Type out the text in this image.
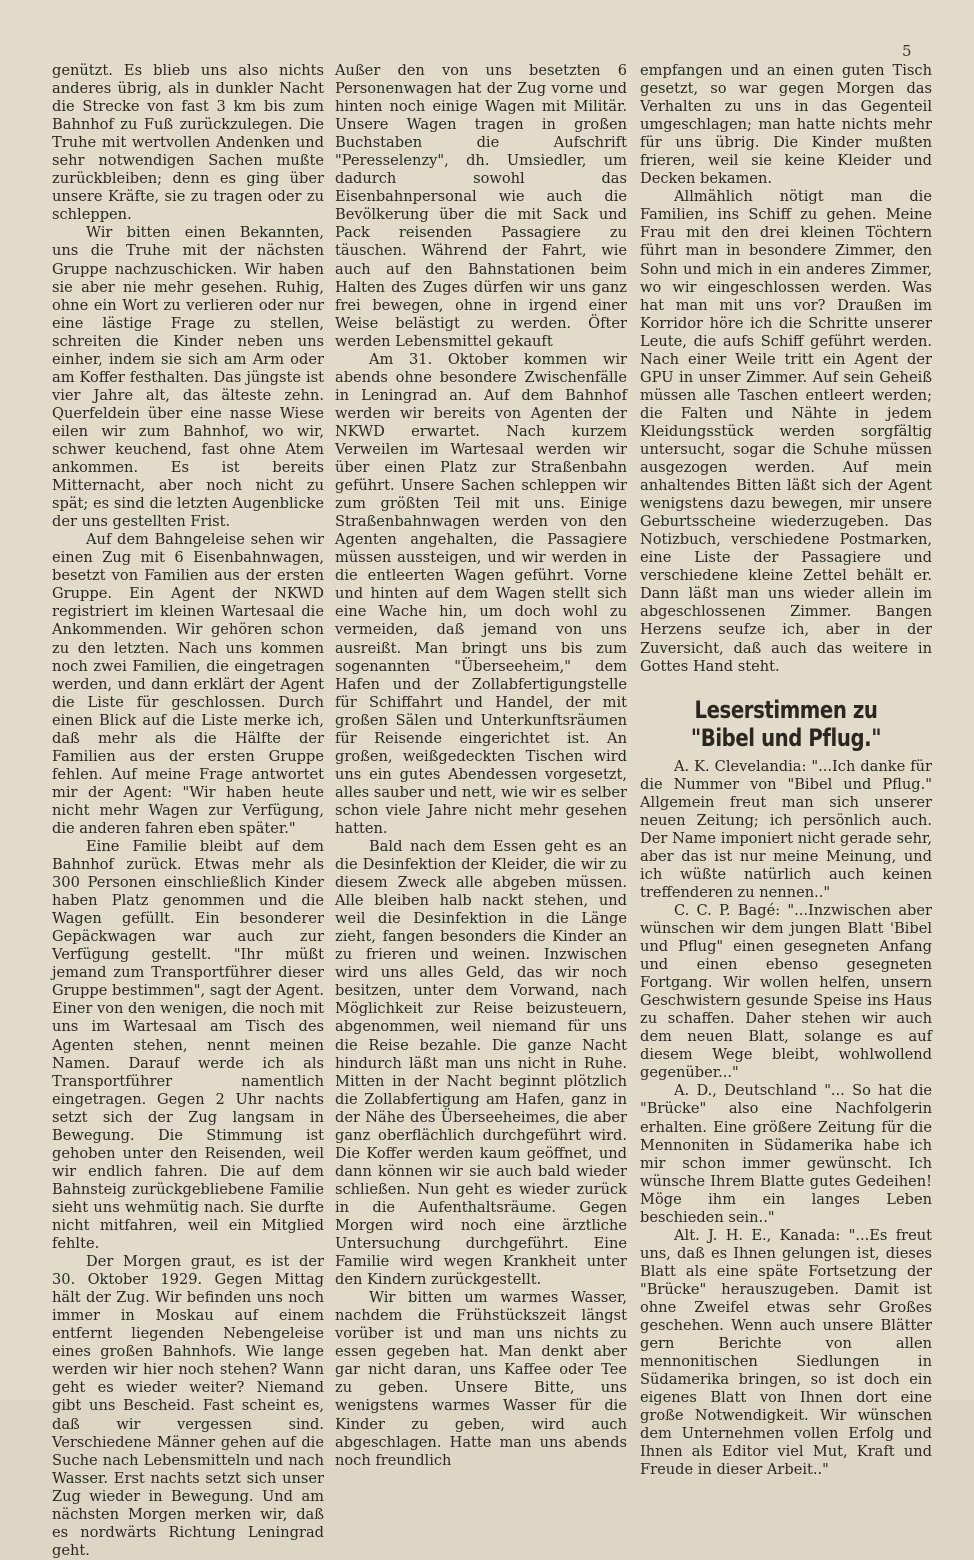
5

genützt. Es blieb uns also nichts anderes übrig, als in dunkler Nacht die Strecke von fast 3 km bis zum Bahnhof zu Fuß zurückzulegen. Die Truhe mit wertvollen Andenken und sehr notwendigen Sachen mußte zurückbleiben; denn es ging über unsere Kräfte, sie zu tragen oder zu schleppen.

Wir bitten einen Bekannten, uns die Truhe mit der nächsten Gruppe nachzuschicken. Wir haben sie aber nie mehr gesehen. Ruhig, ohne ein Wort zu verlieren oder nur eine lästige Frage zu stellen, schreiten die Kinder neben uns einher, indem sie sich am Arm oder am Koffer festhalten. Das jüngste ist vier Jahre alt, das älteste zehn. Querfeldein über eine nasse Wiese eilen wir zum Bahnhof, wo wir, schwer keuchend, fast ohne Atem ankommen. Es ist bereits Mitternacht, aber noch nicht zu spät; es sind die letzten Augenblicke der uns gestellten Frist.

Auf dem Bahngeleise sehen wir einen Zug mit 6 Eisenbahnwagen, besetzt von Familien aus der ersten Gruppe. Ein Agent der NKWD registriert im kleinen Wartesaal die Ankommenden. Wir gehören schon zu den letzten. Nach uns kommen noch zwei Familien, die eingetragen werden, und dann erklärt der Agent die Liste für geschlossen. Durch einen Blick auf die Liste merke ich, daß mehr als die Hälfte der Familien aus der ersten Gruppe fehlen. Auf meine Frage antwortet mir der Agent: "Wir haben heute nicht mehr Wagen zur Verfügung, die anderen fahren eben später."

Eine Familie bleibt auf dem Bahnhof zurück. Etwas mehr als 300 Personen einschließlich Kinder haben Platz genommen und die Wagen gefüllt. Ein besonderer Gepäckwagen war auch zur Verfügung gestellt. "Ihr müßt jemand zum Transportführer dieser Gruppe bestimmen", sagt der Agent. Einer von den wenigen, die noch mit uns im Wartesaal am Tisch des Agenten stehen, nennt meinen Namen. Darauf werde ich als Transportführer namentlich eingetragen. Gegen 2 Uhr nachts setzt sich der Zug langsam in Bewegung. Die Stimmung ist gehoben unter den Reisenden, weil wir endlich fahren. Die auf dem Bahnsteig zurückgebliebene Familie sieht uns wehmütig nach. Sie durfte nicht mitfahren, weil ein Mitglied fehlte.

Der Morgen graut, es ist der 30. Oktober 1929. Gegen Mittag hält der Zug. Wir befinden uns noch immer in Moskau auf einem entfernt liegenden Nebengeleise eines großen Bahnhofs. Wie lange werden wir hier noch stehen? Wann geht es wieder weiter? Niemand gibt uns Bescheid. Fast scheint es, daß wir vergessen sind. Verschiedene Männer gehen auf die Suche nach Lebensmitteln und nach Wasser. Erst nachts setzt sich unser Zug wieder in Bewegung. Und am nächsten Morgen merken wir, daß es nordwärts Richtung Leningrad geht.

Außer den von uns besetzten 6 Personenwagen hat der Zug vorne und hinten noch einige Wagen mit Militär. Unsere Wagen tragen in großen Buchstaben die Aufschrift "Peresselenzy", dh. Umsiedler, um dadurch sowohl das Eisenbahnpersonal wie auch die Bevölkerung über die mit Sack und Pack reisenden Passagiere zu täuschen. Während der Fahrt, wie auch auf den Bahnstationen beim Halten des Zuges dürfen wir uns ganz frei bewegen, ohne in irgend einer Weise belästigt zu werden. Öfter werden Lebensmittel gekauft

Am 31. Oktober kommen wir abends ohne besondere Zwischenfälle in Leningrad an. Auf dem Bahnhof werden wir bereits von Agenten der NKWD erwartet. Nach kurzem Verweilen im Wartesaal werden wir über einen Platz zur Straßenbahn geführt. Unsere Sachen schleppen wir zum größten Teil mit uns. Einige Straßenbahnwagen werden von den Agenten angehalten, die Passagiere müssen aussteigen, und wir werden in die entleerten Wagen geführt. Vorne und hinten auf dem Wagen stellt sich eine Wache hin, um doch wohl zu vermeiden, daß jemand von uns ausreißt. Man bringt uns bis zum sogenannten "Überseeheim," dem Hafen und der Zollabfertigungstelle für Schiffahrt und Handel, der mit großen Sälen und Unterkunftsräumen für Reisende eingerichtet ist. An großen, weißgedeckten Tischen wird uns ein gutes Abendessen vorgesetzt, alles sauber und nett, wie wir es selber schon viele Jahre nicht mehr gesehen hatten.

Bald nach dem Essen geht es an die Desinfektion der Kleider, die wir zu diesem Zweck alle abgeben müssen. Alle bleiben halb nackt stehen, und weil die Desinfektion in die Länge zieht, fangen besonders die Kinder an zu frieren und weinen. Inzwischen wird uns alles Geld, das wir noch besitzen, unter dem Vorwand, nach Möglichkeit zur Reise beizusteuern, abgenommen, weil niemand für uns die Reise bezahle. Die ganze Nacht hindurch läßt man uns nicht in Ruhe. Mitten in der Nacht beginnt plötzlich die Zollabfertigung am Hafen, ganz in der Nähe des Überseeheimes, die aber ganz oberflächlich durchgeführt wird. Die Koffer werden kaum geöffnet, und dann können wir sie auch bald wieder schließen. Nun geht es wieder zurück in die Aufenthaltsräume. Gegen Morgen wird noch eine ärztliche Untersuchung durchgeführt. Eine Familie wird wegen Krankheit unter den Kindern zurückgestellt.

Wir bitten um warmes Wasser, nachdem die Frühstückszeit längst vorüber ist und man uns nichts zu essen gegeben hat. Man denkt aber gar nicht daran, uns Kaffee oder Tee zu geben. Unsere Bitte, uns wenigstens warmes Wasser für die Kinder zu geben, wird auch abgeschlagen. Hatte man uns abends noch freundlich

empfangen und an einen guten Tisch gesetzt, so war gegen Morgen das Verhalten zu uns in das Gegenteil umgeschlagen; man hatte nichts mehr für uns übrig. Die Kinder mußten frieren, weil sie keine Kleider und Decken bekamen.

Allmählich nötigt man die Familien, ins Schiff zu gehen. Meine Frau mit den drei kleinen Töchtern führt man in besondere Zimmer, den Sohn und mich in ein anderes Zimmer, wo wir eingeschlossen werden. Was hat man mit uns vor? Draußen im Korridor höre ich die Schritte unserer Leute, die aufs Schiff geführt werden. Nach einer Weile tritt ein Agent der GPU in unser Zimmer. Auf sein Geheiß müssen alle Taschen entleert werden; die Falten und Nähte in jedem Kleidungsstück werden sorgfältig untersucht, sogar die Schuhe müssen ausgezogen werden. Auf mein anhaltendes Bitten läßt sich der Agent wenigstens dazu bewegen, mir unsere Geburtsscheine wiederzugeben. Das Notizbuch, verschiedene Postmarken, eine Liste der Passagiere und verschiedene kleine Zettel behält er. Dann läßt man uns wieder allein im abgeschlossenen Zimmer. Bangen Herzens seufze ich, aber in der Zuversicht, daß auch das weitere in Gottes Hand steht.

Leserstimmen zu
"Bibel und Pflug."

A. K. Clevelandia: "...Ich danke für die Nummer von "Bibel und Pflug." Allgemein freut man sich unserer neuen Zeitung; ich persönlich auch. Der Name imponiert nicht gerade sehr, aber das ist nur meine Meinung, und ich wüßte natürlich auch keinen treffenderen zu nennen.."

C. C. P. Bagé: "...Inzwischen aber wünschen wir dem jungen Blatt 'Bibel und Pflug" einen gesegneten Anfang und einen ebenso gesegneten Fortgang. Wir wollen helfen, unsern Geschwistern gesunde Speise ins Haus zu schaffen. Daher stehen wir auch dem neuen Blatt, solange es auf diesem Wege bleibt, wohlwollend gegenüber..."

A. D., Deutschland "... So hat die "Brücke" also eine Nachfolgerin erhalten. Eine größere Zeitung für die Mennoniten in Südamerika habe ich mir schon immer gewünscht. Ich wünsche Ihrem Blatte gutes Gedeihen! Möge ihm ein langes Leben beschieden sein.."

Alt. J. H. E., Kanada: "...Es freut uns, daß es Ihnen gelungen ist, dieses Blatt als eine späte Fortsetzung der "Brücke" herauszugeben. Damit ist ohne Zweifel etwas sehr Großes geschehen. Wenn auch unsere Blätter gern Berichte von allen mennonitischen Siedlungen in Südamerika bringen, so ist doch ein eigenes Blatt von Ihnen dort eine große Notwendigkeit. Wir wünschen dem Unternehmen vollen Erfolg und Ihnen als Editor viel Mut, Kraft und Freude in dieser Arbeit.."
